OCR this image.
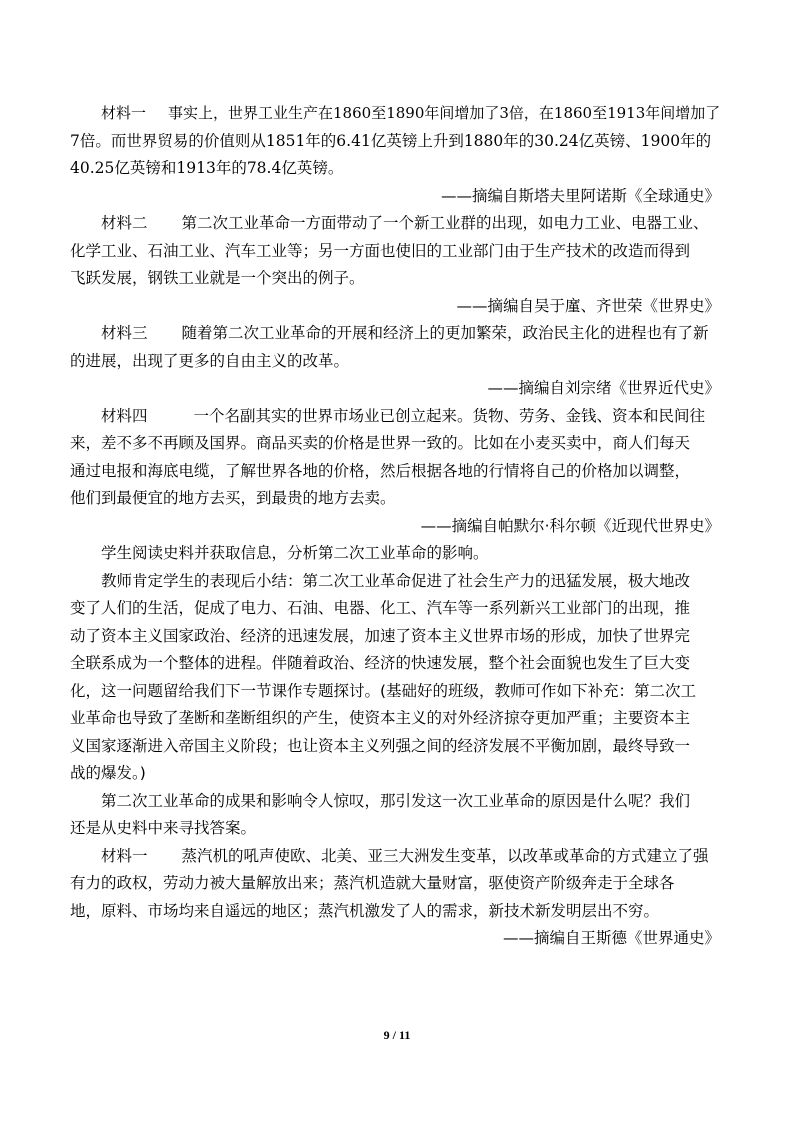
材料一 事实上，世界工业生产在1860至1890年间增加了3倍，在1860至1913年间增加了
7倍。而世界贸易的价值则从1851年的6.41亿英镑上升到1880年的30.24亿英镑、1900年的
40.25亿英镑和1913年的78.4亿英镑。
——摘编自斯塔夫里阿诺斯《全球通史》
材料二 第二次工业革命一方面带动了一个新工业群的出现，如电力工业、电器工业、
化学工业、石油工业、汽车工业等；另一方面也使旧的工业部门由于生产技术的改造而得到
飞跃发展，钢铁工业就是一个突出的例子。
——摘编自吴于廑、齐世荣《世界史》
材料三 随着第二次工业革命的开展和经济上的更加繁荣，政治民主化的进程也有了新
的进展，出现了更多的自由主义的改革。
——摘编自刘宗绪《世界近代史》
材料四	一个名副其实的世界市场业已创立起来。货物、劳务、金钱、资本和民间往
来，差不多不再顾及国界。商品买卖的价格是世界一致的。比如在小麦买卖中，商人们每天
通过电报和海底电缆，了解世界各地的价格，然后根据各地的行情将自己的价格加以调整，
他们到最便宜的地方去买，到最贵的地方去卖。
——摘编自帕默尔·科尔顿《近现代世界史》
学生阅读史料并获取信息，分析第二次工业革命的影响。
教师肯定学生的表现后小结：第二次工业革命促进了社会生产力的迅猛发展，极大地改
变了人们的生活，促成了电力、石油、电器、化工、汽车等一系列新兴工业部门的出现，推
动了资本主义国家政治、经济的迅速发展，加速了资本主义世界市场的形成，加快了世界完
全联系成为一个整体的进程。伴随着政治、经济的快速发展，整个社会面貌也发生了巨大变
化，这一问题留给我们下一节课作专题探讨。(基础好的班级，教师可作如下补充：第二次工
业革命也导致了垄断和垄断组织的产生，使资本主义的对外经济掠夺更加严重；主要资本主
义国家逐渐进入帝国主义阶段；也让资本主义列强之间的经济发展不平衡加剧，最终导致一
战的爆发。)
第二次工业革命的成果和影响令人惊叹，那引发这一次工业革命的原因是什么呢？我们
还是从史料中来寻找答案。
材料一 蒸汽机的吼声使欧、北美、亚三大洲发生变革，以改革或革命的方式建立了强
有力的政权，劳动力被大量解放出来；蒸汽机造就大量财富，驱使资产阶级奔走于全球各
地，原料、市场均来自遥远的地区；蒸汽机激发了人的需求，新技术新发明层出不穷。
——摘编自王斯德《世界通史》
9 / 11
